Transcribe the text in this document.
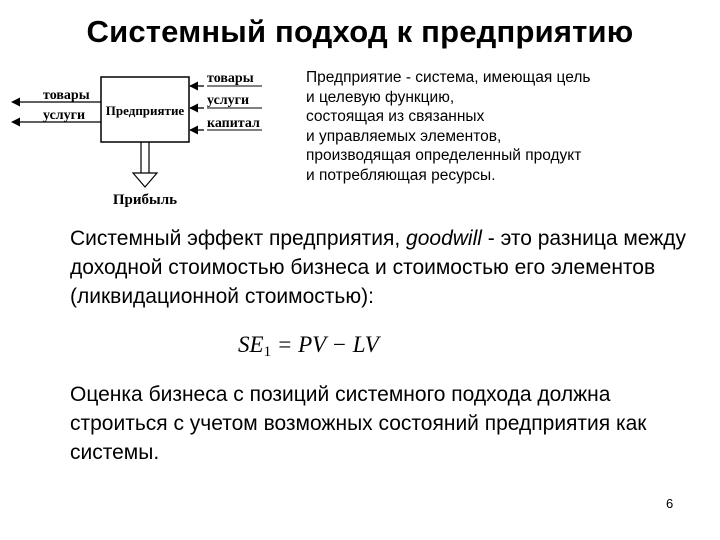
Системный подход к предприятию
Предприятие
товары
услуги
капитал
товары
услуги
Прибыль
Предприятие - система, имеющая цель
и целевую функцию,
состоящая из связанных
и управляемых элементов,
производящая определенный продукт
и потребляющая ресурсы.
Системный эффект предприятия, goodwill - это разница между доходной стоимостью бизнеса и стоимостью его элементов (ликвидационной стоимостью):
$SE_1$ = PV − LV
Оценка бизнеса с позиций системного подхода должна строиться с учетом возможных состояний предприятия как системы.
6
